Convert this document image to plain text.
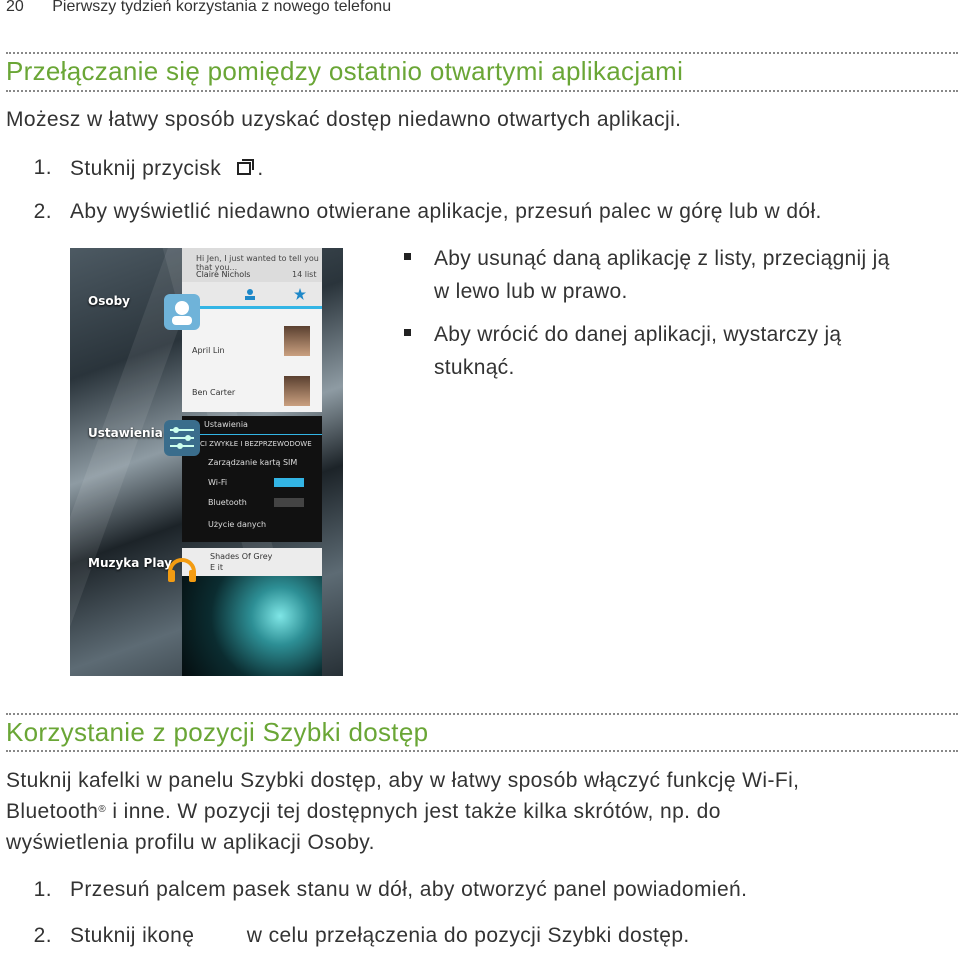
20 Pierwszy tydzień korzystania z nowego telefonu
Przełączanie się pomiędzy ostatnio otwartymi aplikacjami
Możesz w łatwy sposób uzyskać dostęp niedawno otwartych aplikacji.
1. Stuknij przycisk .
2. Aby wyświetlić niedawno otwierane aplikacje, przesuń palec w górę lub w dół.
Aby usunąć daną aplikację z listy, przeciągnij ją
w lewo lub w prawo.
Aby wrócić do danej aplikacji, wystarczy ją
stuknąć.
Hi Jen, I just wanted to tell you that you...
Claire Nichols	14 list
Osoby
April Lin
Ben Carter
Ustawienia
Ustawienia
CI ZWYKŁE I BEZPRZEWODOWE
Zarządzanie kartą SIM
Wi-Fi
Bluetooth
Użycie danych
Muzyka Play	Shades Of Grey
E it
Korzystanie z pozycji Szybki dostęp
Stuknij kafelki w panelu Szybki dostęp, aby w łatwy sposób włączyć funkcję Wi-Fi,
Bluetooth® i inne. W pozycji tej dostępnych jest także kilka skrótów, np. do
wyświetlenia profilu w aplikacji Osoby.
1. Przesuń palcem pasek stanu w dół, aby otworzyć panel powiadomień.
2. Stuknij ikonę	w celu przełączenia do pozycji Szybki dostęp.
